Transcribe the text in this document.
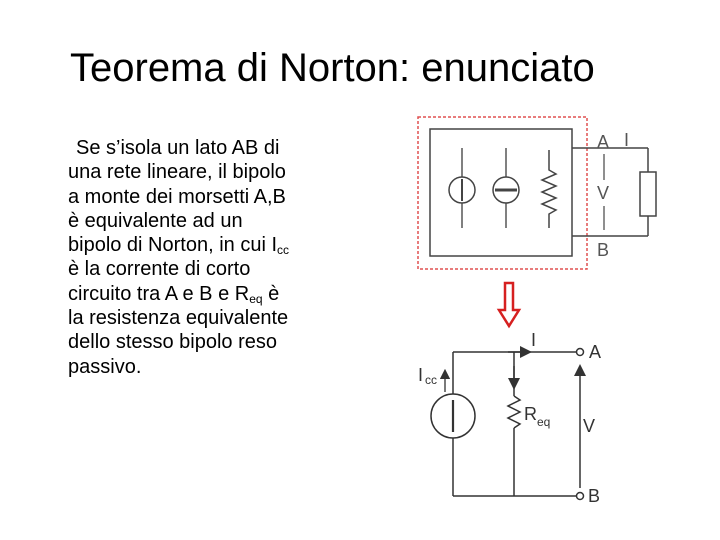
Teorema di Norton: enunciato
Se s’isola un lato AB di
una rete lineare, il bipolo
a monte dei morsetti A,B
è equivalente ad un
bipolo di Norton, in cui $I_{cc}$
è la corrente di corto
circuito tra A e B e $R_{eq}$ è
la resistenza equivalente
dello stesso bipolo reso
passivo.
A I
V
B
I
A
I cc
R eq V
B
